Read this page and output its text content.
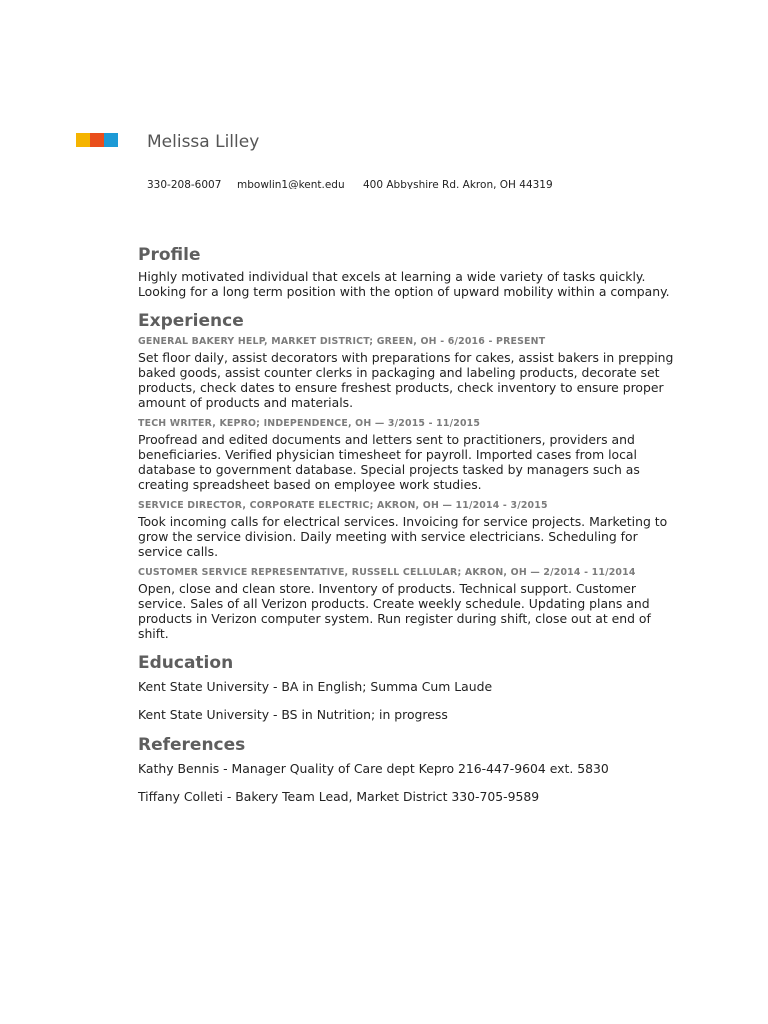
Melissa Lilley
330-208-6007 mbowlin1@kent.edu 400 Abbyshire Rd. Akron, OH 44319
Profile

Highly motivated individual that excels at learning a wide variety of tasks quickly. Looking for a long term position with the option of upward mobility within a company.

Experience

GENERAL BAKERY HELP, MARKET DISTRICT; GREEN, OH - 6/2016 - PRESENT

Set floor daily, assist decorators with preparations for cakes, assist bakers in prepping baked goods, assist counter clerks in packaging and labeling products, decorate set products, check dates to ensure freshest products, check inventory to ensure proper amount of products and materials.

TECH WRITER, KEPRO; INDEPENDENCE, OH — 3/2015 - 11/2015

Proofread and edited documents and letters sent to practitioners, providers and beneficiaries. Verified physician timesheet for payroll. Imported cases from local database to government database. Special projects tasked by managers such as creating spreadsheet based on employee work studies.

SERVICE DIRECTOR, CORPORATE ELECTRIC; AKRON, OH — 11/2014 - 3/2015

Took incoming calls for electrical services. Invoicing for service projects. Marketing to grow the service division. Daily meeting with service electricians. Scheduling for service calls.

CUSTOMER SERVICE REPRESENTATIVE, RUSSELL CELLULAR; AKRON, OH — 2/2014 - 11/2014

Open, close and clean store. Inventory of products. Technical support. Customer service. Sales of all Verizon products. Create weekly schedule. Updating plans and products in Verizon computer system. Run register during shift, close out at end of shift.

Education

Kent State University - BA in English; Summa Cum Laude

Kent State University - BS in Nutrition; in progress

References

Kathy Bennis - Manager Quality of Care dept Kepro 216-447-9604 ext. 5830

Tiffany Colleti - Bakery Team Lead, Market District 330-705-9589
